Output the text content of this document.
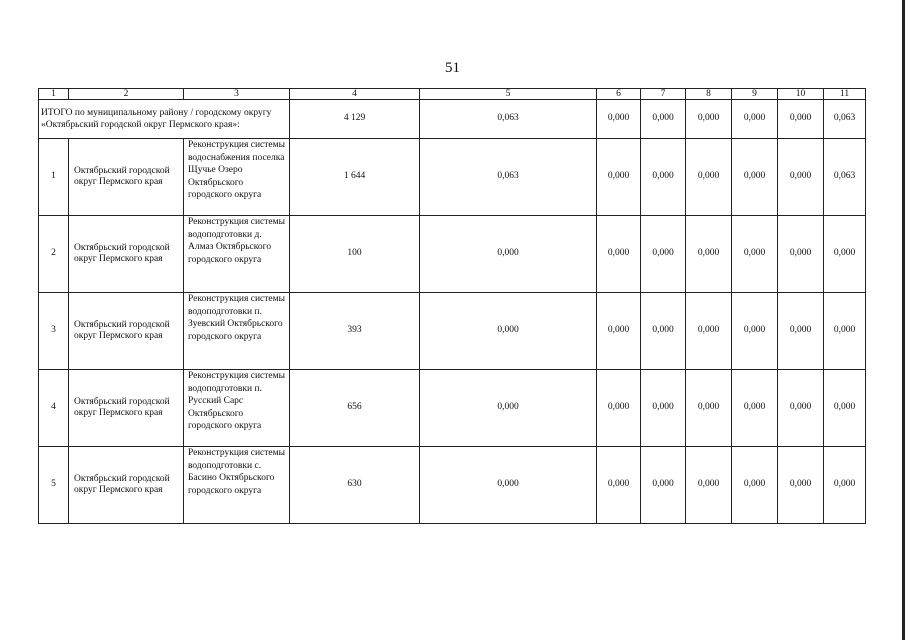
51
1	2	3	4	5	6	7	8	9	10	11
ИТОГО по муниципальному району / городскому округу «Октябрьский городской округ Пермского края»:			4 129	0,063	0,000	0,000	0,000	0,000	0,000	0,063
1	Октябрьский городской округ Пермского края	Реконструкция системы водоснабжения поселка Щучье Озеро Октябрьского городского округа	1 644	0,063	0,000	0,000	0,000	0,000	0,000	0,063
2	Октябрьский городской округ Пермского края	Реконструкция системы водоподготовки д. Алмаз Октябрьского городского округа	100	0,000	0,000	0,000	0,000	0,000	0,000	0,000
3	Октябрьский городской округ Пермского края	Реконструкция системы водоподготовки п. Зуевский Октябрьского городского округа	393	0,000	0,000	0,000	0,000	0,000	0,000	0,000
4	Октябрьский городской округ Пермского края	Реконструкция системы водоподготовки п. Русский Сарс Октябрьского городского округа	656	0,000	0,000	0,000	0,000	0,000	0,000	0,000
5	Октябрьский городской округ Пермского края	Реконструкция системы водоподготовки с. Басино Октябрьского городского округа	630	0,000	0,000	0,000	0,000	0,000	0,000	0,000
